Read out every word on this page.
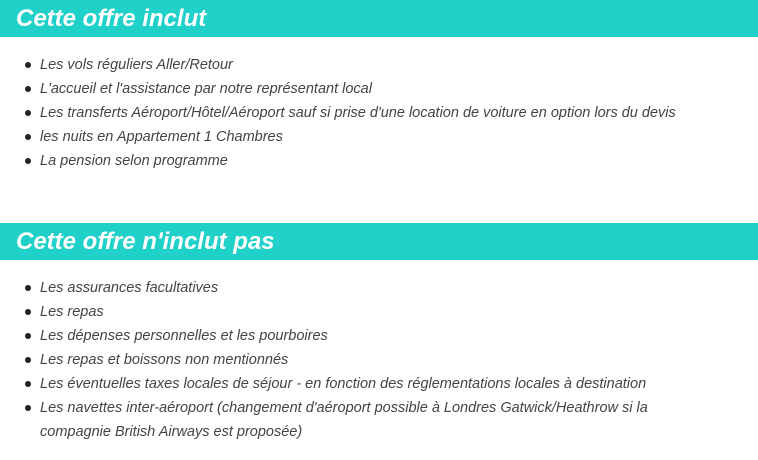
Cette offre inclut
Les vols réguliers Aller/Retour
L'accueil et l'assistance par notre représentant local
Les transferts Aéroport/Hôtel/Aéroport sauf si prise d'une location de voiture en option lors du devis
les nuits en Appartement 1 Chambres
La pension selon programme
Cette offre n'inclut pas
Les assurances facultatives
Les repas
Les dépenses personnelles et les pourboires
Les repas et boissons non mentionnés
Les éventuelles taxes locales de séjour - en fonction des réglementations locales à destination
Les navettes inter-aéroport (changement d'aéroport possible à Londres Gatwick/Heathrow si la compagnie British Airways est proposée)
